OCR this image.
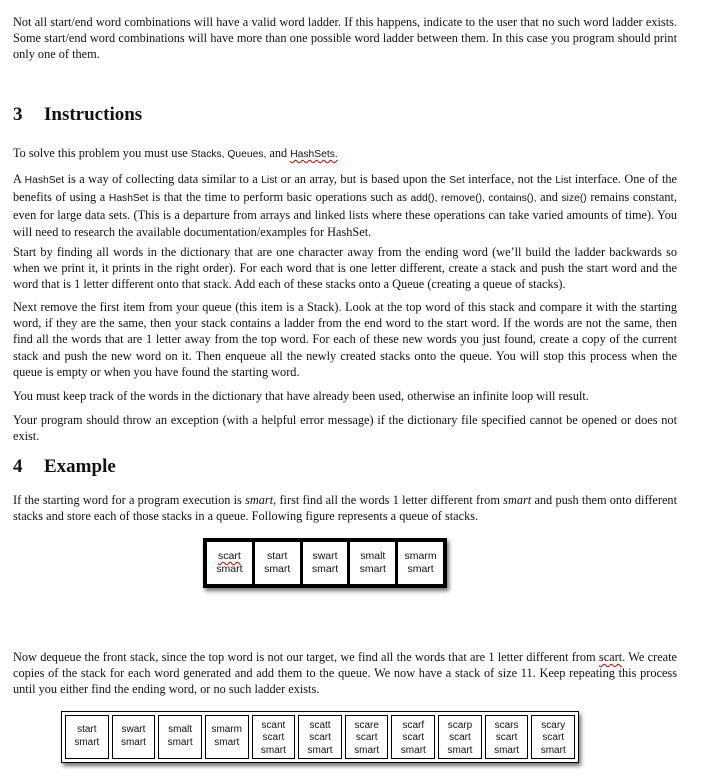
Not all start/end word combinations will have a valid word ladder. If this happens, indicate to the user that no such word ladder exists. Some start/end word combinations will have more than one possible word ladder between them. In this case you program should print only one of them.

3 Instructions

To solve this problem you must use Stacks, Queues, and HashSets.

A HashSet is a way of collecting data similar to a List or an array, but is based upon the Set interface, not the List interface. One of the benefits of using a HashSet is that the time to perform basic operations such as add(), remove(), contains(), and size() remains constant, even for large data sets. (This is a departure from arrays and linked lists where these operations can take varied amounts of time). You will need to research the available documentation/examples for HashSet.

Start by finding all words in the dictionary that are one character away from the ending word (we’ll build the ladder backwards so when we print it, it prints in the right order). For each word that is one letter different, create a stack and push the start word and the word that is 1 letter different onto that stack. Add each of these stacks onto a Queue (creating a queue of stacks).

Next remove the first item from your queue (this item is a Stack). Look at the top word of this stack and compare it with the starting word, if they are the same, then your stack contains a ladder from the end word to the start word. If the words are not the same, then find all the words that are 1 letter away from the top word. For each of these new words you just found, create a copy of the current stack and push the new word on it. Then enqueue all the newly created stacks onto the queue. You will stop this process when the queue is empty or when you have found the starting word.

You must keep track of the words in the dictionary that have already been used, otherwise an infinite loop will result.

Your program should throw an exception (with a helpful error message) if the dictionary file specified cannot be opened or does not exist.

4 Example

If the starting word for a program execution is smart, first find all the words 1 letter different from smart and push them onto different stacks and store each of those stacks in a queue. Following figure represents a queue of stacks.

scart
smart
start
smart
swart
smart
smalt
smart
smarm
smart

Now dequeue the front stack, since the top word is not our target, we find all the words that are 1 letter different from scart. We create copies of the stack for each word generated and add them to the queue. We now have a stack of size 11. Keep repeating this process until you either find the ending word, or no such ladder exists.

start
smart
swart
smart
smalt
smart
smarm
smart
scant
scart
smart
scatt
scart
smart
scare
scart
smart
scarf
scart
smart
scarp
scart
smart
scars
scart
smart
scary
scart
smart
